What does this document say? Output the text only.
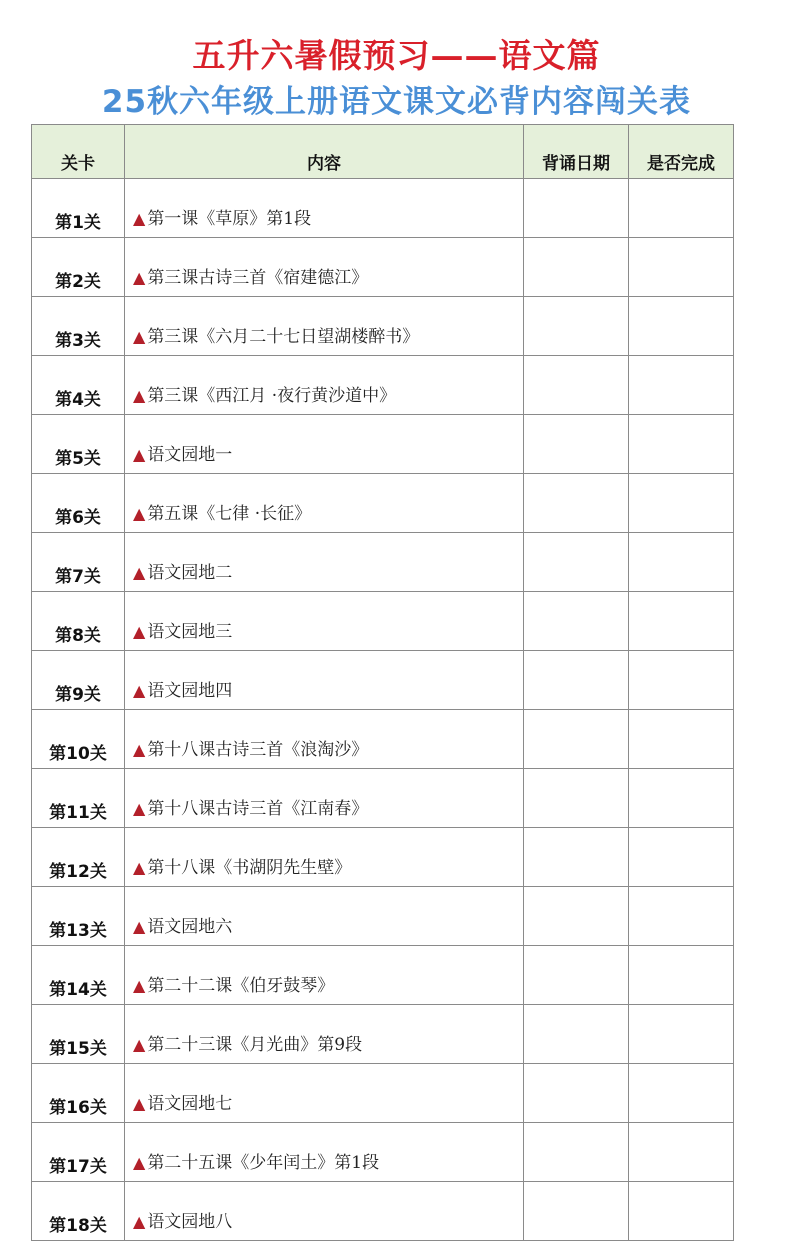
五升六暑假预习——语文篇
25秋六年级上册语文课文必背内容闯关表
关卡	内容	背诵日期	是否完成
第1关	▲ 第一课《草原》第1段		
第2关	▲ 第三课古诗三首《宿建德江》		
第3关	▲ 第三课《六月二十七日望湖楼醉书》		
第4关	▲ 第三课《西江月 ·夜行黄沙道中》		
第5关	▲ 语文园地一		
第6关	▲ 第五课《七律 ·长征》		
第7关	▲ 语文园地二		
第8关	▲ 语文园地三		
第9关	▲ 语文园地四		
第10关	▲ 第十八课古诗三首《浪淘沙》		
第11关	▲ 第十八课古诗三首《江南春》		
第12关	▲ 第十八课《书湖阴先生壁》		
第13关	▲ 语文园地六		
第14关	▲ 第二十二课《伯牙鼓琴》		
第15关	▲ 第二十三课《月光曲》第9段		
第16关	▲ 语文园地七		
第17关	▲ 第二十五课《少年闰土》第1段		
第18关	▲ 语文园地八		
